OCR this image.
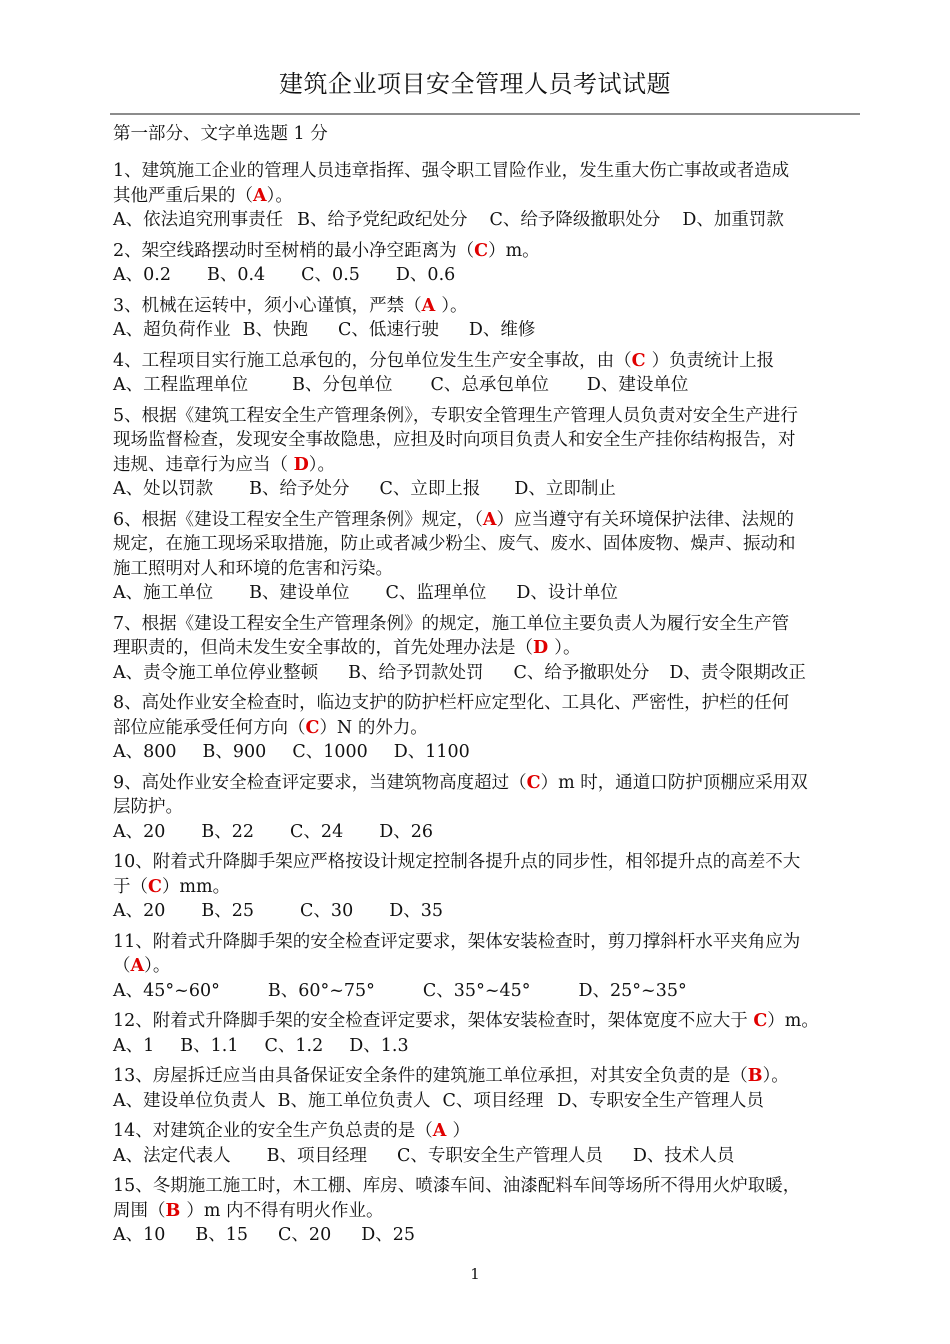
建筑企业项目安全管理人员考试试题
第一部分、文字单选题 1 分
1、建筑施工企业的管理人员违章指挥、强令职工冒险作业，发生重大伤亡事故或者造成
其他严重后果的（A）。
A、依法追究刑事责任 B、给予党纪政纪处分 C、给予降级撤职处分 D、加重罚款
2、架空线路摆动时至树梢的最小净空距离为（C）m。
A、0.2 B、0.4 C、0.5 D、0.6
3、机械在运转中，须小心谨慎，严禁（A ）。
A、超负荷作业 B、快跑 C、低速行驶 D、维修
4、工程项目实行施工总承包的，分包单位发生生产安全事故，由（C ）负责统计上报
A、工程监理单位	B、分包单位 C、总承包单位 D、建设单位
5、根据《建筑工程安全生产管理条例》，专职安全管理生产管理人员负责对安全生产进行
现场监督检查，发现安全事故隐患，应担及时向项目负责人和安全生产挂你结构报告，对
违规、违章行为应当（ D）。
A、处以罚款 B、给予处分 C、立即上报 D、立即制止
6、根据《建设工程安全生产管理条例》规定，（A）应当遵守有关环境保护法律、法规的
规定，在施工现场采取措施，防止或者减少粉尘、废气、废水、固体废物、燥声、振动和
施工照明对人和环境的危害和污染。
A、施工单位 B、建设单位 C、监理单位 D、设计单位
7、根据《建设工程安全生产管理条例》的规定，施工单位主要负责人为履行安全生产管
理职责的，但尚未发生安全事故的，首先处理办法是（D ）。
A、责令施工单位停业整顿 B、给予罚款处罚 C、给予撤职处分 D、责令限期改正
8、高处作业安全检查时，临边支护的防护栏杆应定型化、工具化、严密性，护栏的任何
部位应能承受任何方向（C）N 的外力。
A、800 B、900 C、1000 D、1100
9、高处作业安全检查评定要求，当建筑物高度超过（C）m 时，通道口防护顶棚应采用双
层防护。
A、20 B、22 C、24 D、26
10、附着式升降脚手架应严格按设计规定控制各提升点的同步性，相邻提升点的高差不大
于（C）mm。
A、20 B、25	C、30 D、35
11、附着式升降脚手架的安全检查评定要求，架体安装检查时，剪刀撑斜杆水平夹角应为
（A）。
A、45°~60°	B、60°~75°	C、35°~45°	D、25°~35°
12、附着式升降脚手架的安全检查评定要求，架体安装检查时，架体宽度不应大于 C）m。
A、1 B、1.1 C、1.2 D、1.3
13、房屋拆迁应当由具备保证安全条件的建筑施工单位承担，对其安全负责的是（B）。
A、建设单位负责人 B、施工单位负责人 C、项目经理 D、专职安全生产管理人员
14、对建筑企业的安全生产负总责的是（A ）
A、法定代表人 B、项目经理 C、专职安全生产管理人员 D、技术人员
15、冬期施工施工时，木工棚、库房、喷漆车间、油漆配料车间等场所不得用火炉取暖，
周围（B ）m 内不得有明火作业。
A、10 B、15 C、20 D、25
1
